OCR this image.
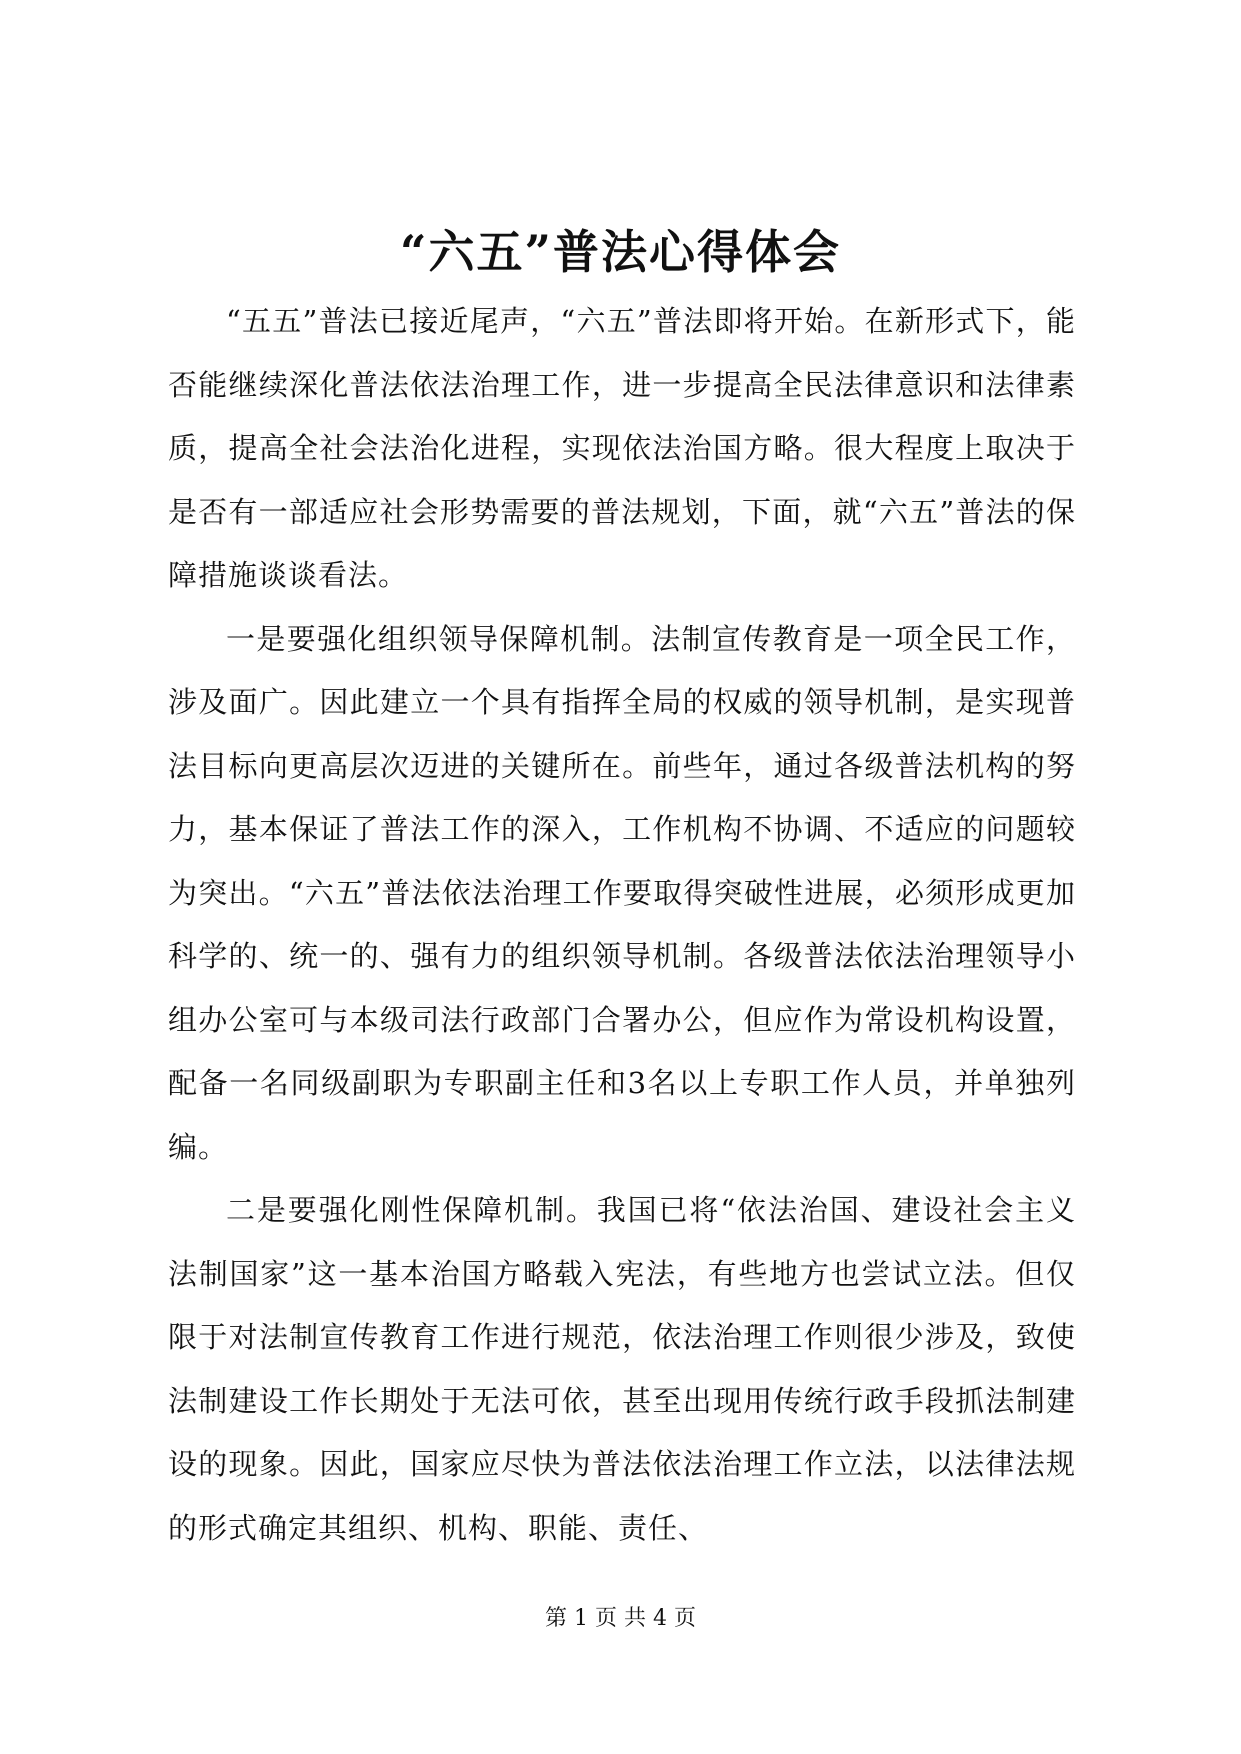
“六五”普法心得体会

“五五”普法已接近尾声，“六五”普法即将开始。在新形式下，能否能继续深化普法依法治理工作，进一步提高全民法律意识和法律素质，提高全社会法治化进程，实现依法治国方略。很大程度上取决于是否有一部适应社会形势需要的普法规划，下面，就“六五”普法的保障措施谈谈看法。

一是要强化组织领导保障机制。法制宣传教育是一项全民工作，涉及面广。因此建立一个具有指挥全局的权威的领导机制，是实现普法目标向更高层次迈进的关键所在。前些年，通过各级普法机构的努力，基本保证了普法工作的深入，工作机构不协调、不适应的问题较为突出。“六五”普法依法治理工作要取得突破性进展，必须形成更加科学的、统一的、强有力的组织领导机制。各级普法依法治理领导小组办公室可与本级司法行政部门合署办公，但应作为常设机构设置，配备一名同级副职为专职副主任和3名以上专职工作人员，并单独列编。

二是要强化刚性保障机制。我国已将“依法治国、建设社会主义法制国家”这一基本治国方略载入宪法，有些地方也尝试立法。但仅限于对法制宣传教育工作进行规范，依法治理工作则很少涉及，致使法制建设工作长期处于无法可依，甚至出现用传统行政手段抓法制建设的现象。因此，国家应尽快为普法依法治理工作立法，以法律法规的形式确定其组织、机构、职能、责任、

第 1 页 共 4 页
